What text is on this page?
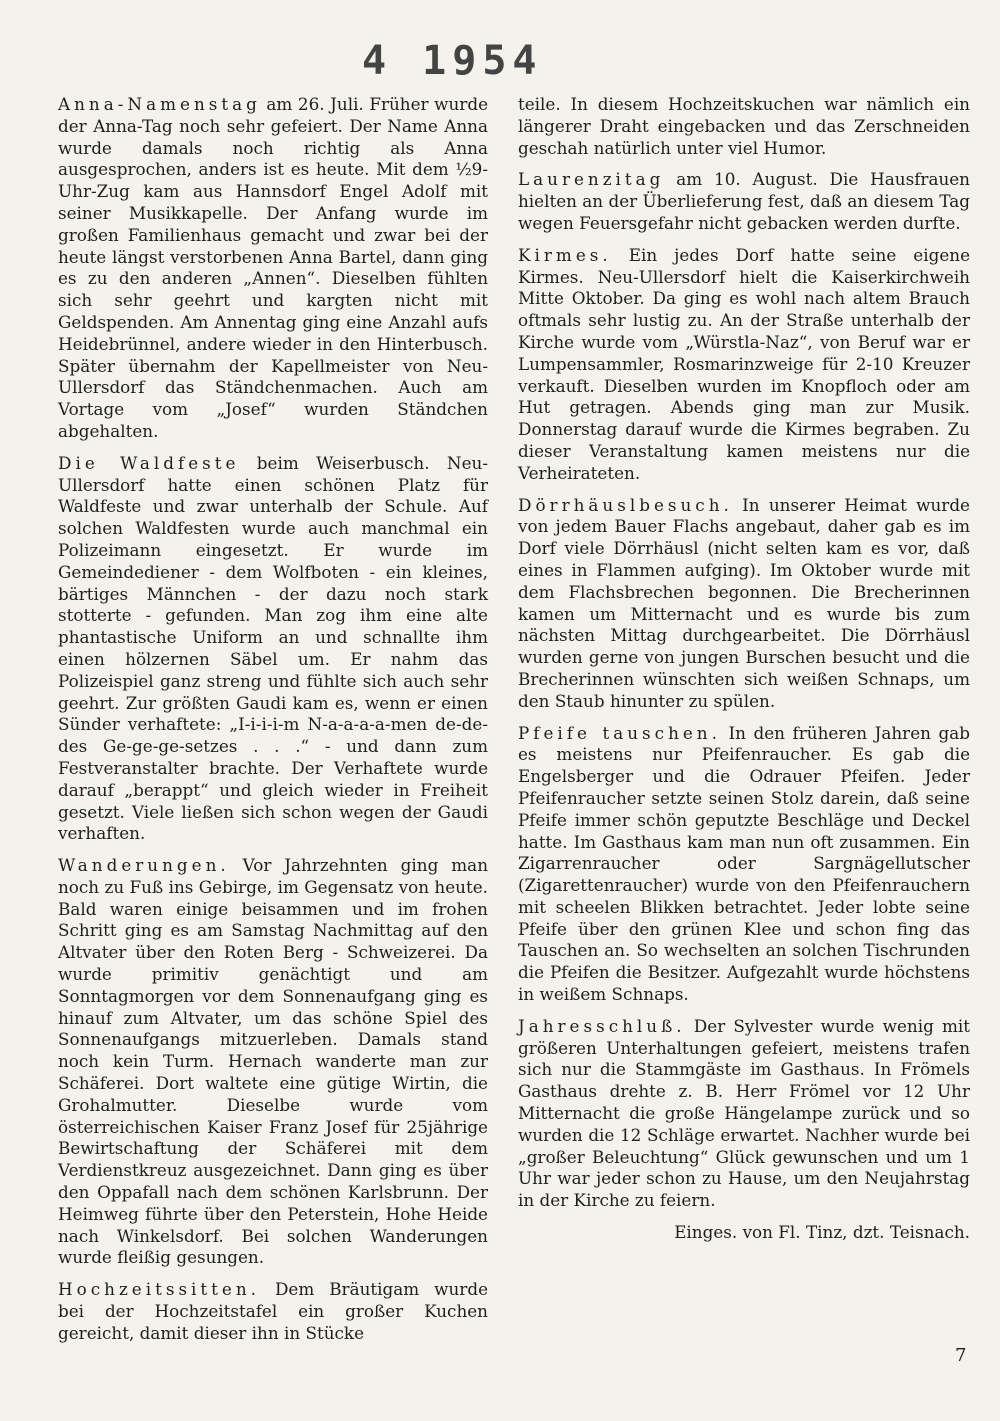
4 1954

Anna-Namenstag am 26. Juli. Früher wurde der Anna-Tag noch sehr gefeiert. Der Name Anna wurde damals noch richtig als Anna ausgesprochen, anders ist es heute. Mit dem ½9-Uhr-Zug kam aus Hannsdorf Engel Adolf mit seiner Musikkapelle. Der Anfang wurde im großen Familienhaus gemacht und zwar bei der heute längst verstorbenen Anna Bartel, dann ging es zu den anderen „Annen“. Dieselben fühlten sich sehr geehrt und kargten nicht mit Geldspenden. Am Annentag ging eine Anzahl aufs Heidebrünnel, andere wieder in den Hinterbusch. Später übernahm der Kapellmeister von Neu-Ullersdorf das Ständchenmachen. Auch am Vortage vom „Josef“ wurden Ständchen abgehalten.

Die Waldfeste beim Weiserbusch. Neu-Ullersdorf hatte einen schönen Platz für Waldfeste und zwar unterhalb der Schule. Auf solchen Waldfesten wurde auch manchmal ein Polizeimann eingesetzt. Er wurde im Gemeindediener - dem Wolfboten - ein kleines, bärtiges Männchen - der dazu noch stark stotterte - gefunden. Man zog ihm eine alte phantastische Uniform an und schnallte ihm einen hölzernen Säbel um. Er nahm das Polizeispiel ganz streng und fühlte sich auch sehr geehrt. Zur größten Gaudi kam es, wenn er einen Sünder verhaftete: „I-i-i-i-m N-a-a-a-a-men de-de-des Ge-ge-ge-setzes . . .“ - und dann zum Festveranstalter brachte. Der Verhaftete wurde darauf „berappt“ und gleich wieder in Freiheit gesetzt. Viele ließen sich schon wegen der Gaudi verhaften.

Wanderungen. Vor Jahrzehnten ging man noch zu Fuß ins Gebirge, im Gegensatz von heute. Bald waren einige beisammen und im frohen Schritt ging es am Samstag Nachmittag auf den Altvater über den Roten Berg - Schweizerei. Da wurde primitiv genächtigt und am Sonntagmorgen vor dem Sonnenaufgang ging es hinauf zum Altvater, um das schöne Spiel des Sonnenaufgangs mitzuerleben. Damals stand noch kein Turm. Hernach wanderte man zur Schäferei. Dort waltete eine gütige Wirtin, die Grohalmutter. Dieselbe wurde vom österreichischen Kaiser Franz Josef für 25jährige Bewirtschaftung der Schäferei mit dem Verdienstkreuz ausgezeichnet. Dann ging es über den Oppafall nach dem schönen Karlsbrunn. Der Heimweg führte über den Peterstein, Hohe Heide nach Winkelsdorf. Bei solchen Wanderungen wurde fleißig gesungen.

Hochzeitssitten. Dem Bräutigam wurde bei der Hochzeitstafel ein großer Kuchen gereicht, damit dieser ihn in Stücke

teile. In diesem Hochzeitskuchen war nämlich ein längerer Draht eingebacken und das Zerschneiden geschah natürlich unter viel Humor.

Laurenzitag am 10. August. Die Hausfrauen hielten an der Überlieferung fest, daß an diesem Tag wegen Feuersgefahr nicht gebacken werden durfte.

Kirmes. Ein jedes Dorf hatte seine eigene Kirmes. Neu-Ullersdorf hielt die Kaiserkirchweih Mitte Oktober. Da ging es wohl nach altem Brauch oftmals sehr lustig zu. An der Straße unterhalb der Kirche wurde vom „Würstla-Naz“, von Beruf war er Lumpensammler, Rosmarinzweige für 2-10 Kreuzer verkauft. Dieselben wurden im Knopfloch oder am Hut getragen. Abends ging man zur Musik. Donnerstag darauf wurde die Kirmes begraben. Zu dieser Veranstaltung kamen meistens nur die Verheirateten.

Dörrhäuslbesuch. In unserer Heimat wurde von jedem Bauer Flachs angebaut, daher gab es im Dorf viele Dörrhäusl (nicht selten kam es vor, daß eines in Flammen aufging). Im Oktober wurde mit dem Flachsbrechen begonnen. Die Brecherinnen kamen um Mitternacht und es wurde bis zum nächsten Mittag durchgearbeitet. Die Dörrhäusl wurden gerne von jungen Burschen besucht und die Brecherinnen wünschten sich weißen Schnaps, um den Staub hinunter zu spülen.

Pfeife tauschen. In den früheren Jahren gab es meistens nur Pfeifenraucher. Es gab die Engelsberger und die Odrauer Pfeifen. Jeder Pfeifenraucher setzte seinen Stolz darein, daß seine Pfeife immer schön geputzte Beschläge und Deckel hatte. Im Gasthaus kam man nun oft zusammen. Ein Zigarrenraucher oder Sargnägellutscher (Zigarettenraucher) wurde von den Pfeifenrauchern mit scheelen Blikken betrachtet. Jeder lobte seine Pfeife über den grünen Klee und schon fing das Tauschen an. So wechselten an solchen Tischrunden die Pfeifen die Besitzer. Aufgezahlt wurde höchstens in weißem Schnaps.

Jahresschluß. Der Sylvester wurde wenig mit größeren Unterhaltungen gefeiert, meistens trafen sich nur die Stammgäste im Gasthaus. In Frömels Gasthaus drehte z. B. Herr Frömel vor 12 Uhr Mitternacht die große Hängelampe zurück und so wurden die 12 Schläge erwartet. Nachher wurde bei „großer Beleuchtung“ Glück gewunschen und um 1 Uhr war jeder schon zu Hause, um den Neujahrstag in der Kirche zu feiern.

Einges. von Fl. Tinz, dzt. Teisnach.
7
